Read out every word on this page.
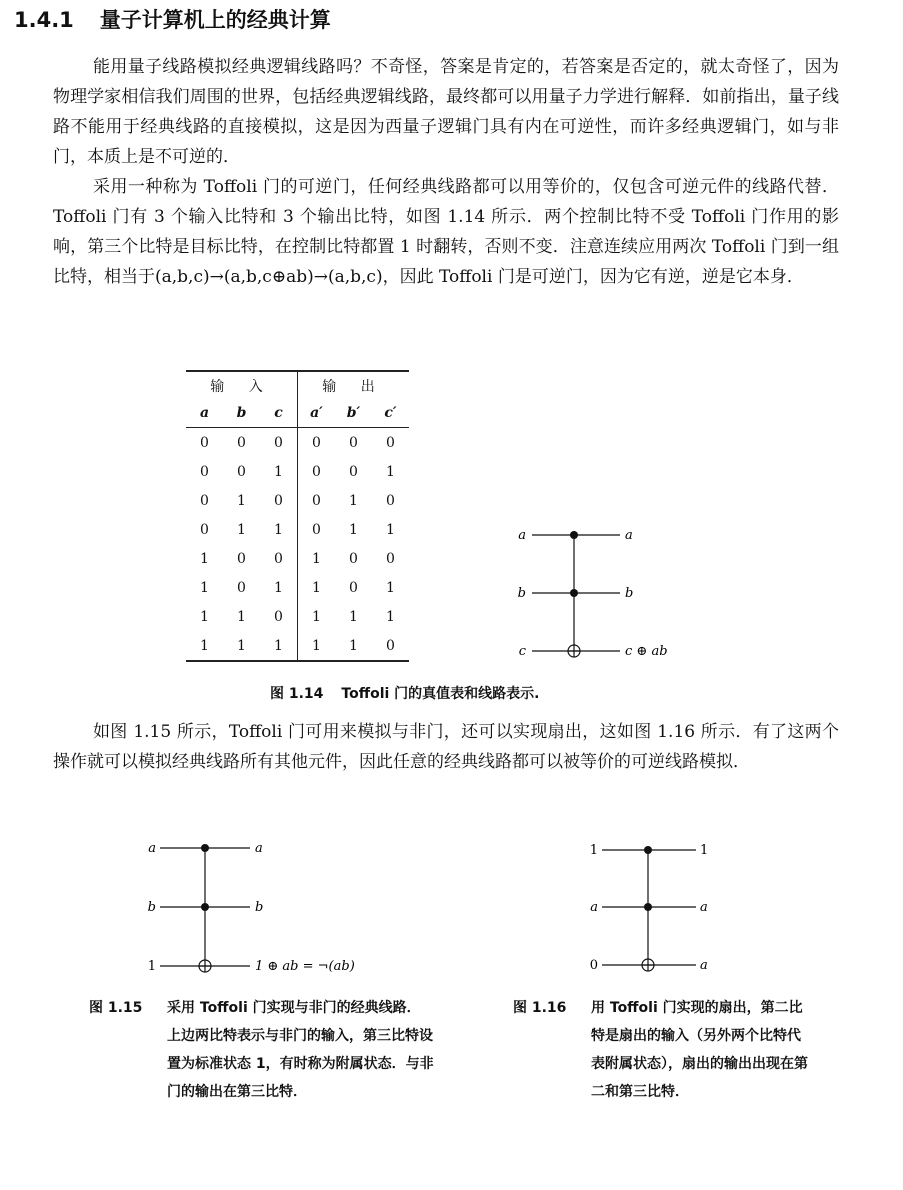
1.4.1 量子计算机上的经典计算

能用量子线路模拟经典逻辑线路吗？不奇怪，答案是肯定的，若答案是否定的，就太奇怪了，因为物理学家相信我们周围的世界，包括经典逻辑线路，最终都可以用量子力学进行解释．如前指出，量子线路不能用于经典线路的直接模拟，这是因为西量子逻辑门具有内在可逆性，而许多经典逻辑门，如与非门，本质上是不可逆的．

采用一种称为 Toffoli 门的可逆门，任何经典线路都可以用等价的，仅包含可逆元件的线路代替．Toffoli 门有 3 个输入比特和 3 个输出比特，如图 1.14 所示．两个控制比特不受 Toffoli 门作用的影响，第三个比特是目标比特，在控制比特都置 1 时翻转，否则不变．注意连续应用两次 Toffoli 门到一组比特，相当于(a,b,c)→(a,b,c⊕ab)→(a,b,c)，因此 Toffoli 门是可逆门，因为它有逆，逆是它本身．

输 入			输 出		
a	b	c	a′	b′	c′
0	0	0	0	0	0
0	0	1	0	0	1
0	1	0	0	1	0
0	1	1	0	1	1
1	0	0	1	0	0
1	0	1	1	0	1
1	1	0	1	1	1
1	1	1	1	1	0
a
b
c
a
b
c ⊕ ab
图 1.14 Toffoli 门的真值表和线路表示.

如图 1.15 所示，Toffoli 门可用来模拟与非门，还可以实现扇出，这如图 1.16 所示．有了这两个操作就可以模拟经典线路所有其他元件，因此任意的经典线路都可以被等价的可逆线路模拟．

a
b
1
a
b
1 ⊕ ab = ¬(ab)
1
a
0
1
a
a
图 1.15 采用 Toffoli 门实现与非门的经典线路．上边两比特表示与非门的输入，第三比特设置为标准状态 1，有时称为附属状态．与非门的输出在第三比特．
图 1.16 用 Toffoli 门实现的扇出，第二比特是扇出的输入（另外两个比特代表附属状态），扇出的输出出现在第二和第三比特．
